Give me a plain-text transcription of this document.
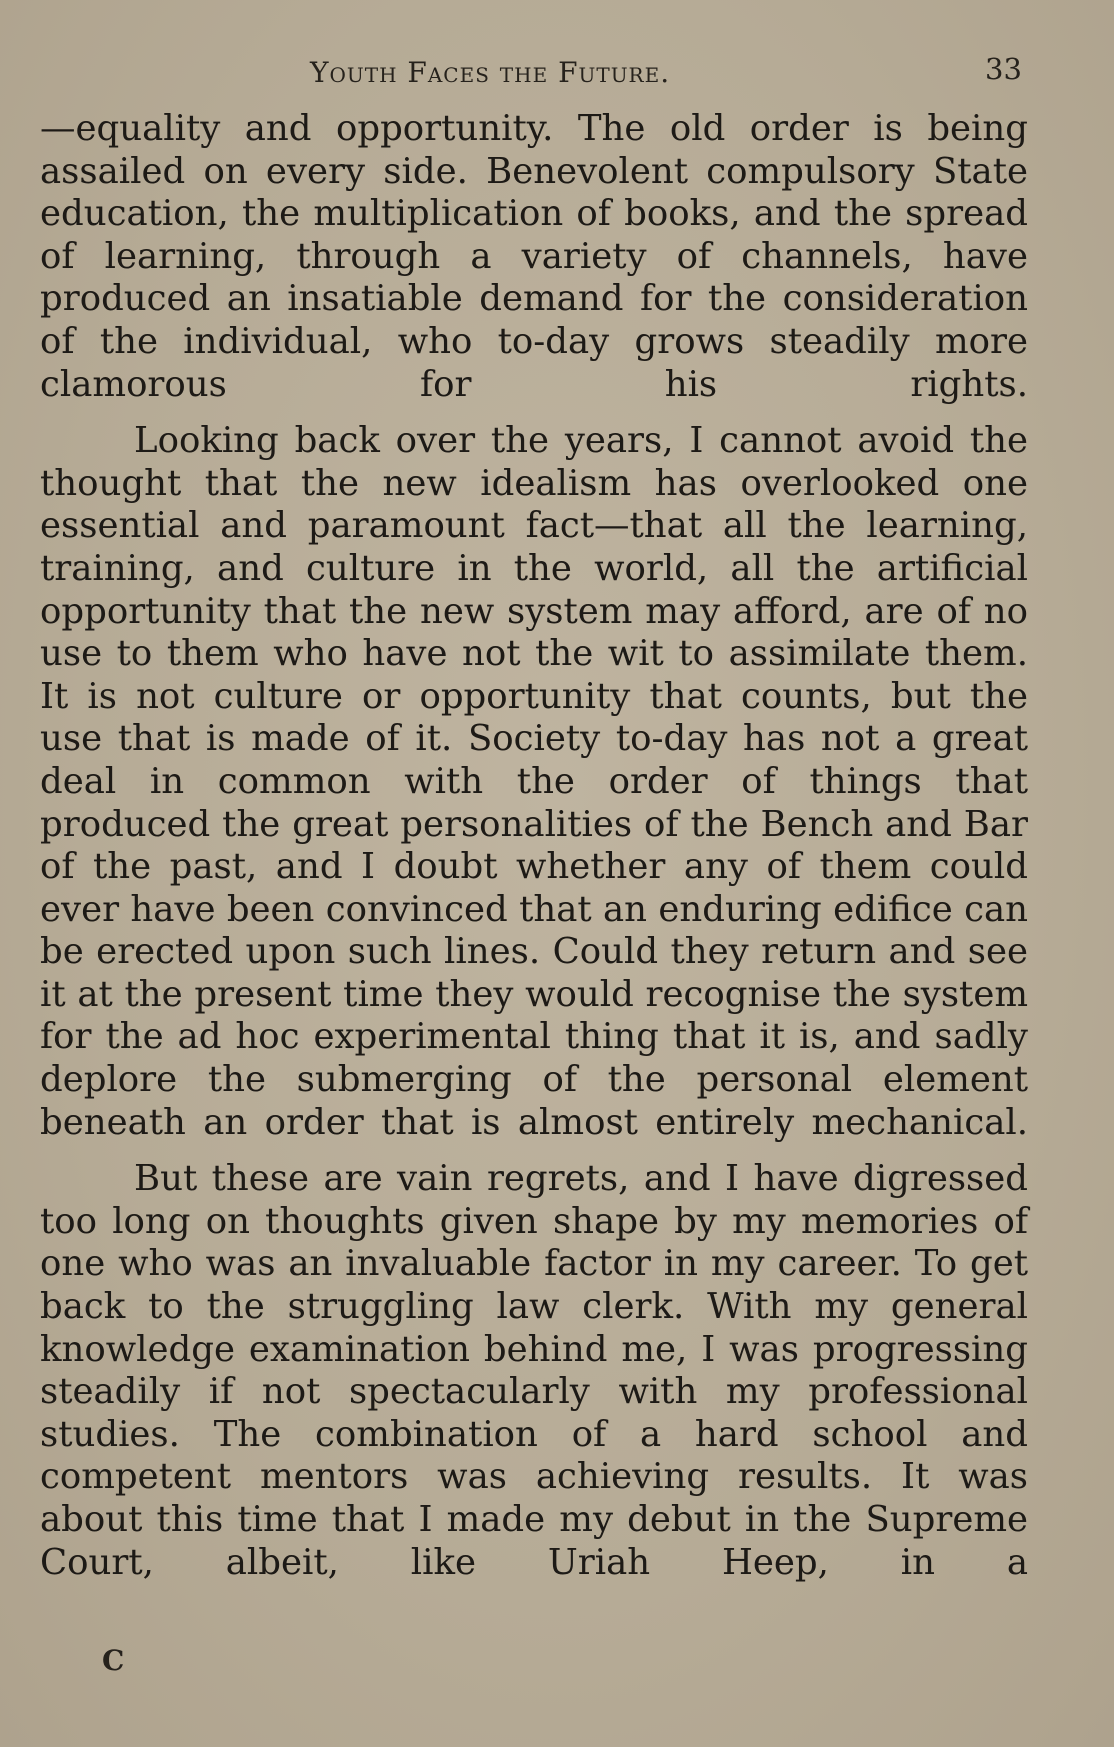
Youth Faces the Future.	33

—equality and opportunity. The old order is being assailed on every side. Benevolent compulsory State education, the multiplication of books, and the spread of learning, through a variety of channels, have produced an insatiable demand for the consideration of the individual, who to-day grows steadily more clamorous for his rights.

Looking back over the years, I cannot avoid the thought that the new idealism has overlooked one essential and paramount fact—that all the learning, training, and culture in the world, all the artificial opportunity that the new system may afford, are of no use to them who have not the wit to assimilate them. It is not culture or opportunity that counts, but the use that is made of it. Society to-day has not a great deal in common with the order of things that produced the great personalities of the Bench and Bar of the past, and I doubt whether any of them could ever have been convinced that an enduring edifice can be erected upon such lines. Could they return and see it at the present time they would recognise the system for the ad hoc experimental thing that it is, and sadly deplore the submerging of the personal element beneath an order that is almost entirely mechanical.

But these are vain regrets, and I have digressed too long on thoughts given shape by my memories of one who was an invaluable factor in my career. To get back to the struggling law clerk. With my general knowledge examination behind me, I was progressing steadily if not spectacularly with my professional studies. The combination of a hard school and competent mentors was achieving results. It was about this time that I made my debut in the Supreme Court, albeit, like Uriah Heep, in a

C
